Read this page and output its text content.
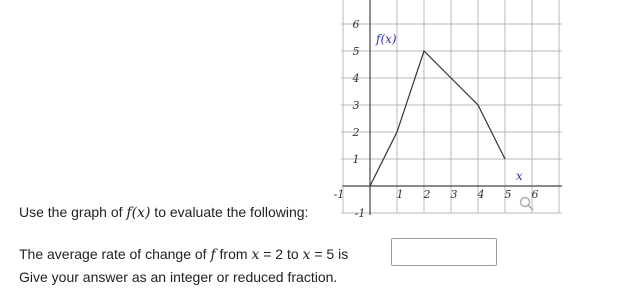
-1	1 2 3 4 5 6
1
2
3
4
5
6
-1
f(x)
x
Use the graph of f(x) to evaluate the following:
The average rate of change of f from x = 2 to x = 5 is
Give your answer as an integer or reduced fraction.
